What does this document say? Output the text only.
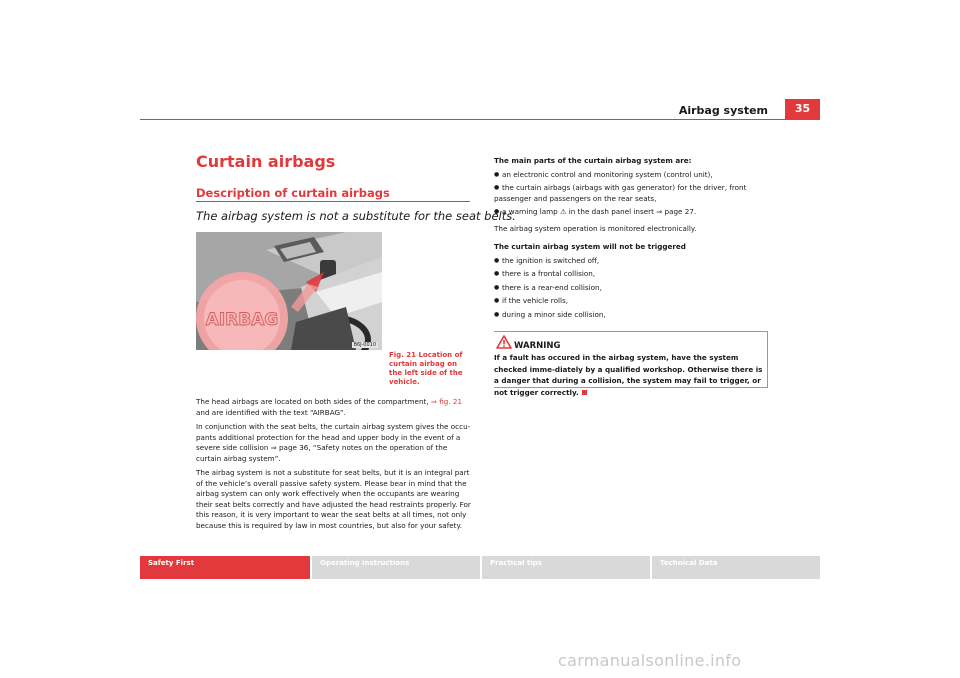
Airbag system	35
Curtain airbags
Description of curtain airbags
The airbag system is not a substitute for the seat belts.
AIRBAG
B6J-0010
Fig. 21 Location of curtain airbag on the left side of the vehicle.
The head airbags are located on both sides of the compartment, ⇒ fig. 21 and are identified with the text “AIRBAG”.
In conjunction with the seat belts, the curtain airbag system gives the occu-pants additional protection for the head and upper body in the event of a severe side collision ⇒ page 36, “Safety notes on the operation of the curtain airbag system”.
The airbag system is not a substitute for seat belts, but it is an integral part of the vehicle’s overall passive safety system. Please bear in mind that the airbag system can only work effectively when the occupants are wearing their seat belts correctly and have adjusted the head restraints properly. For this reason, it is very important to wear the seat belts at all times, not only because this is required by law in most countries, but also for your safety.
The main parts of the curtain airbag system are:
● an electronic control and monitoring system (control unit),
● the curtain airbags (airbags with gas generator) for the driver, front
passenger and passengers on the rear seats,
● a warning lamp ⚠ in the dash panel insert ⇒ page 27.
The airbag system operation is monitored electronically.
The curtain airbag system will not be triggered
● the ignition is switched off,
● there is a frontal collision,
● there is a rear-end collision,
● if the vehicle rolls,
● during a minor side collision,
WARNING
If a fault has occured in the airbag system, have the system checked imme-diately by a qualified workshop. Otherwise there is a danger that during a collision, the system may fail to trigger, or not trigger correctly.
Safety First	Operating instructions	Practical tips	Technical Data
carmanualsonline.info
